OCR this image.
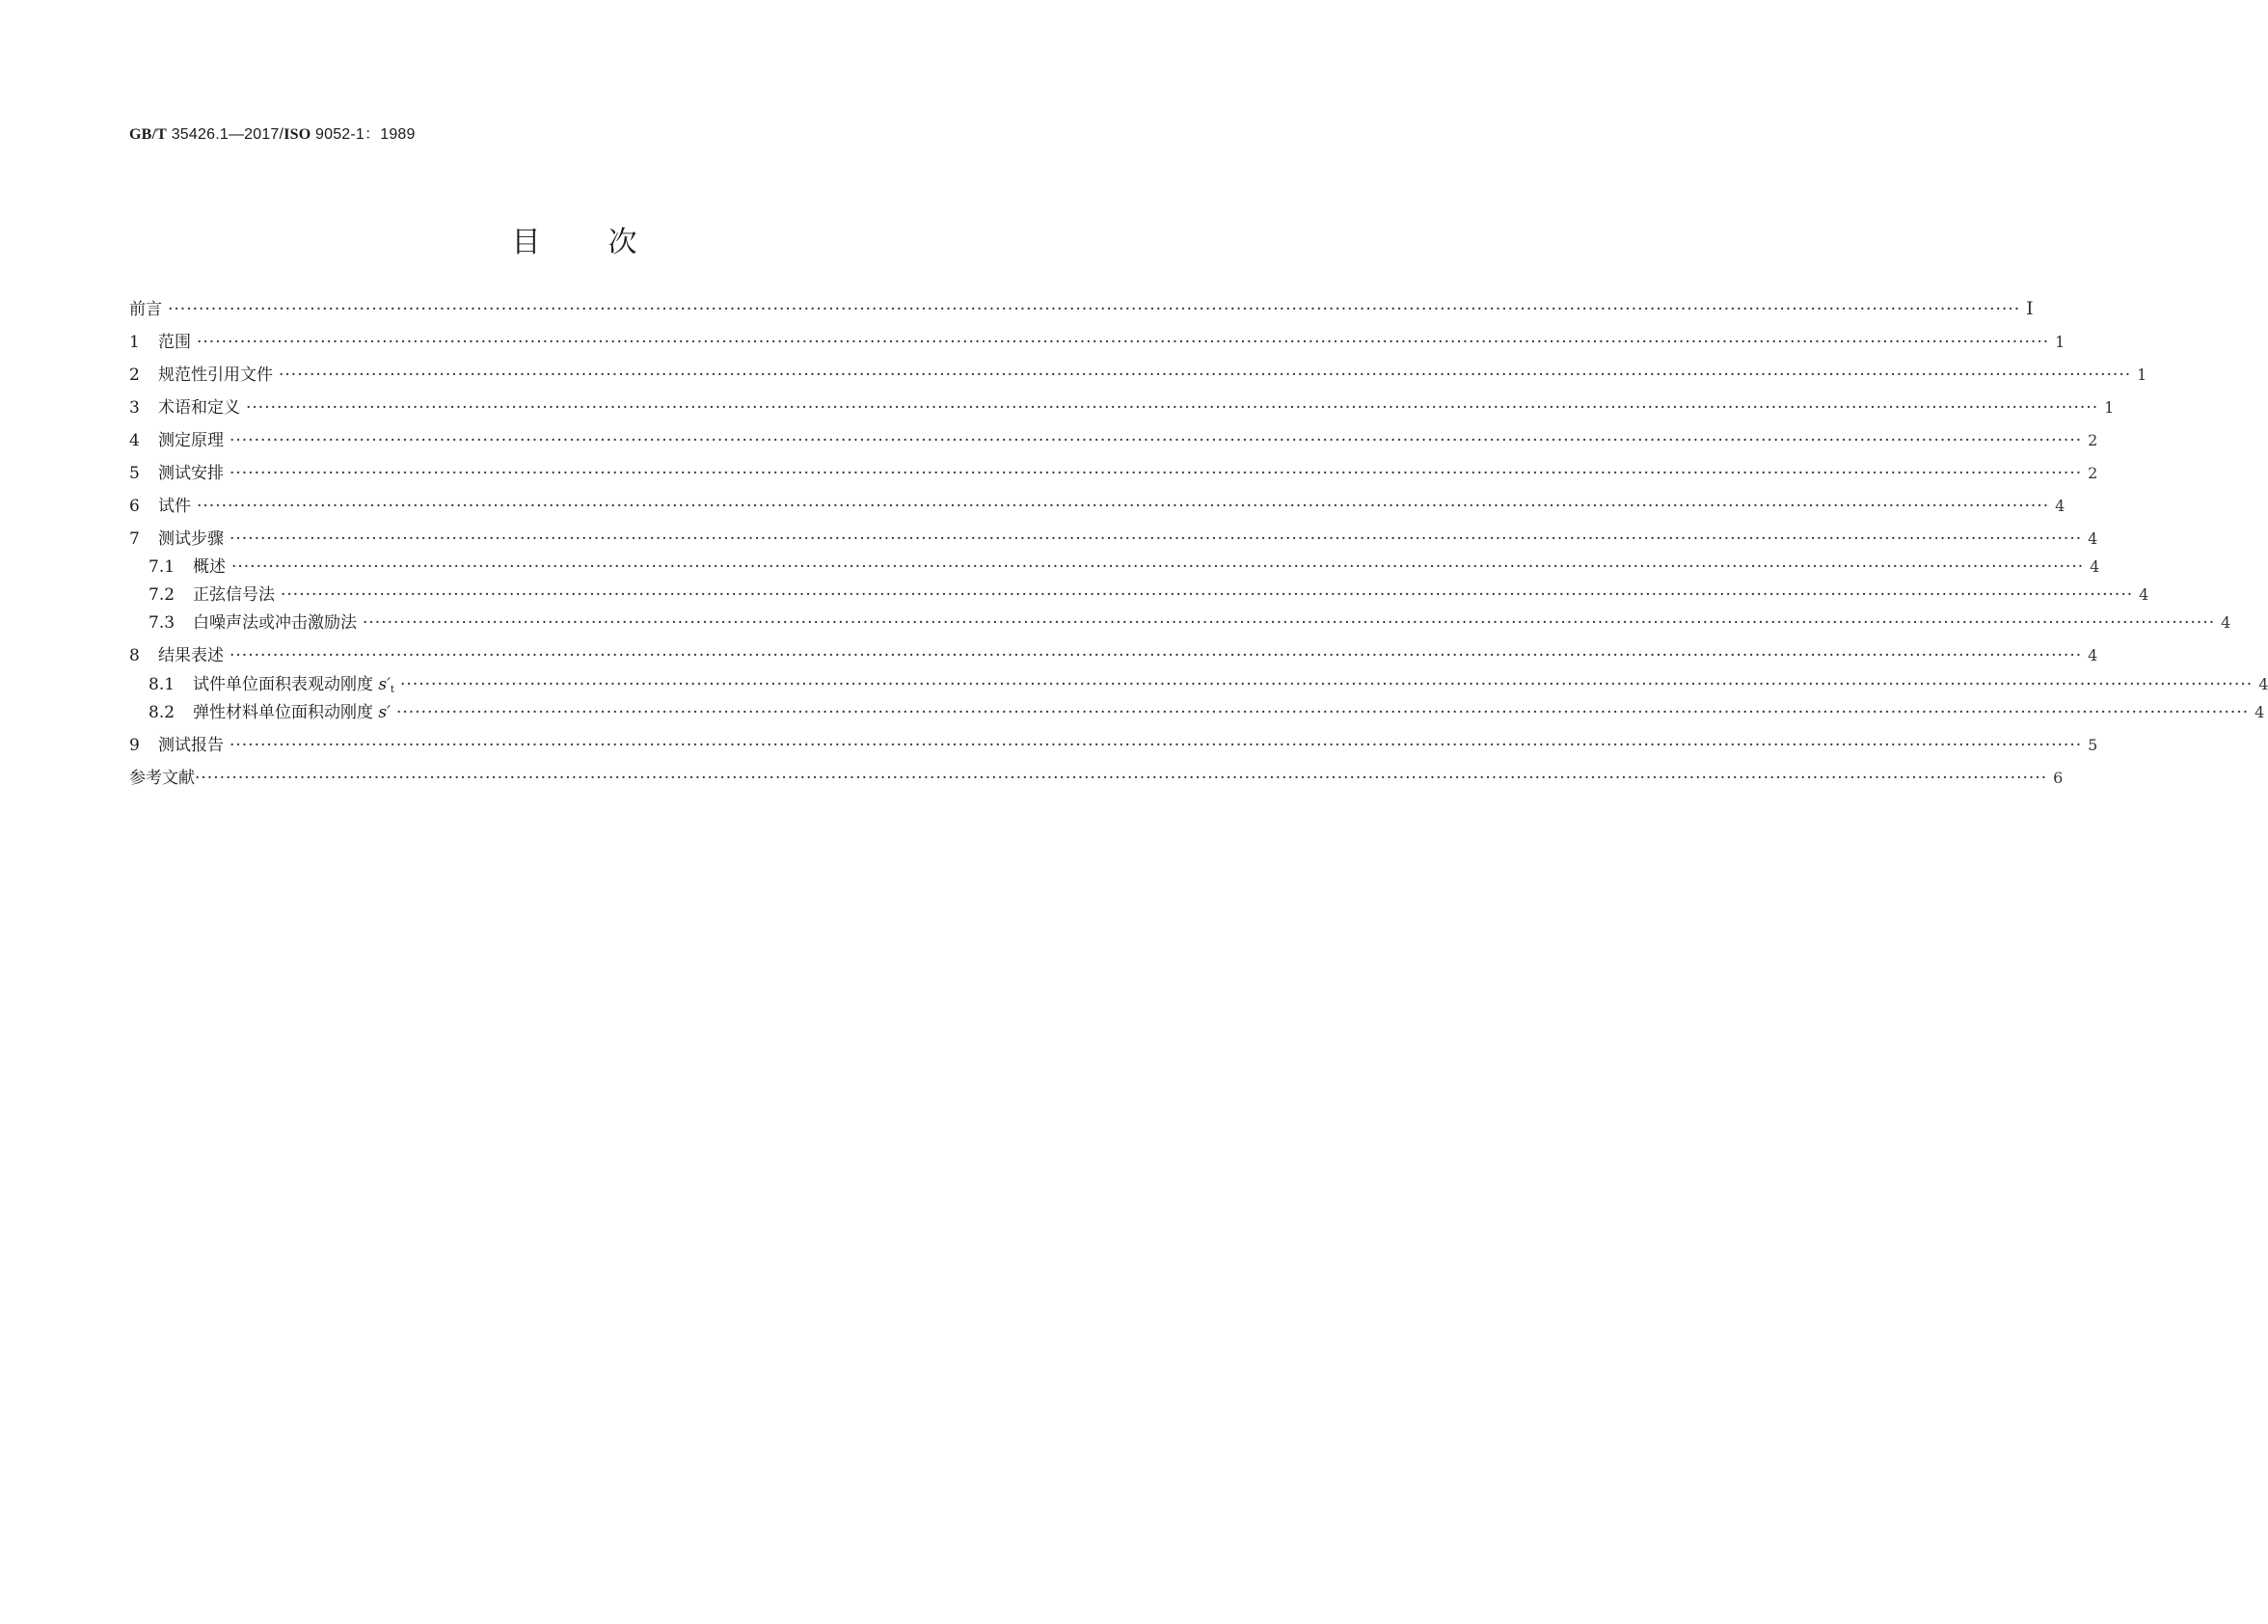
GB/T 35426.1—2017/ISO 9052-1：1989
目 次
前言 ············································································································································································································································································································ Ⅰ
1	范围 ············································································································································································································································································································ 1
2	规范性引用文件 ············································································································································································································································································································ 1
3	术语和定义 ············································································································································································································································································································ 1
4	测定原理 ············································································································································································································································································································ 2
5	测试安排 ············································································································································································································································································································ 2
6	试件 ············································································································································································································································································································ 4
7	测试步骤 ············································································································································································································································································································ 4
7.1	概述 ············································································································································································································································································································ 4
7.2	正弦信号法 ············································································································································································································································································································ 4
7.3	白噪声法或冲击激励法 ············································································································································································································································································································ 4
8	结果表述 ············································································································································································································································································································ 4
8.1	试件单位面积表观动刚度 $s'_t$ ············································································································································································································································································································ 4
8.2	弹性材料单位面积动刚度 s′ ············································································································································································································································································································ 4
9	测试报告 ············································································································································································································································································································ 5
参考文献 ············································································································································································································································································································ 6
